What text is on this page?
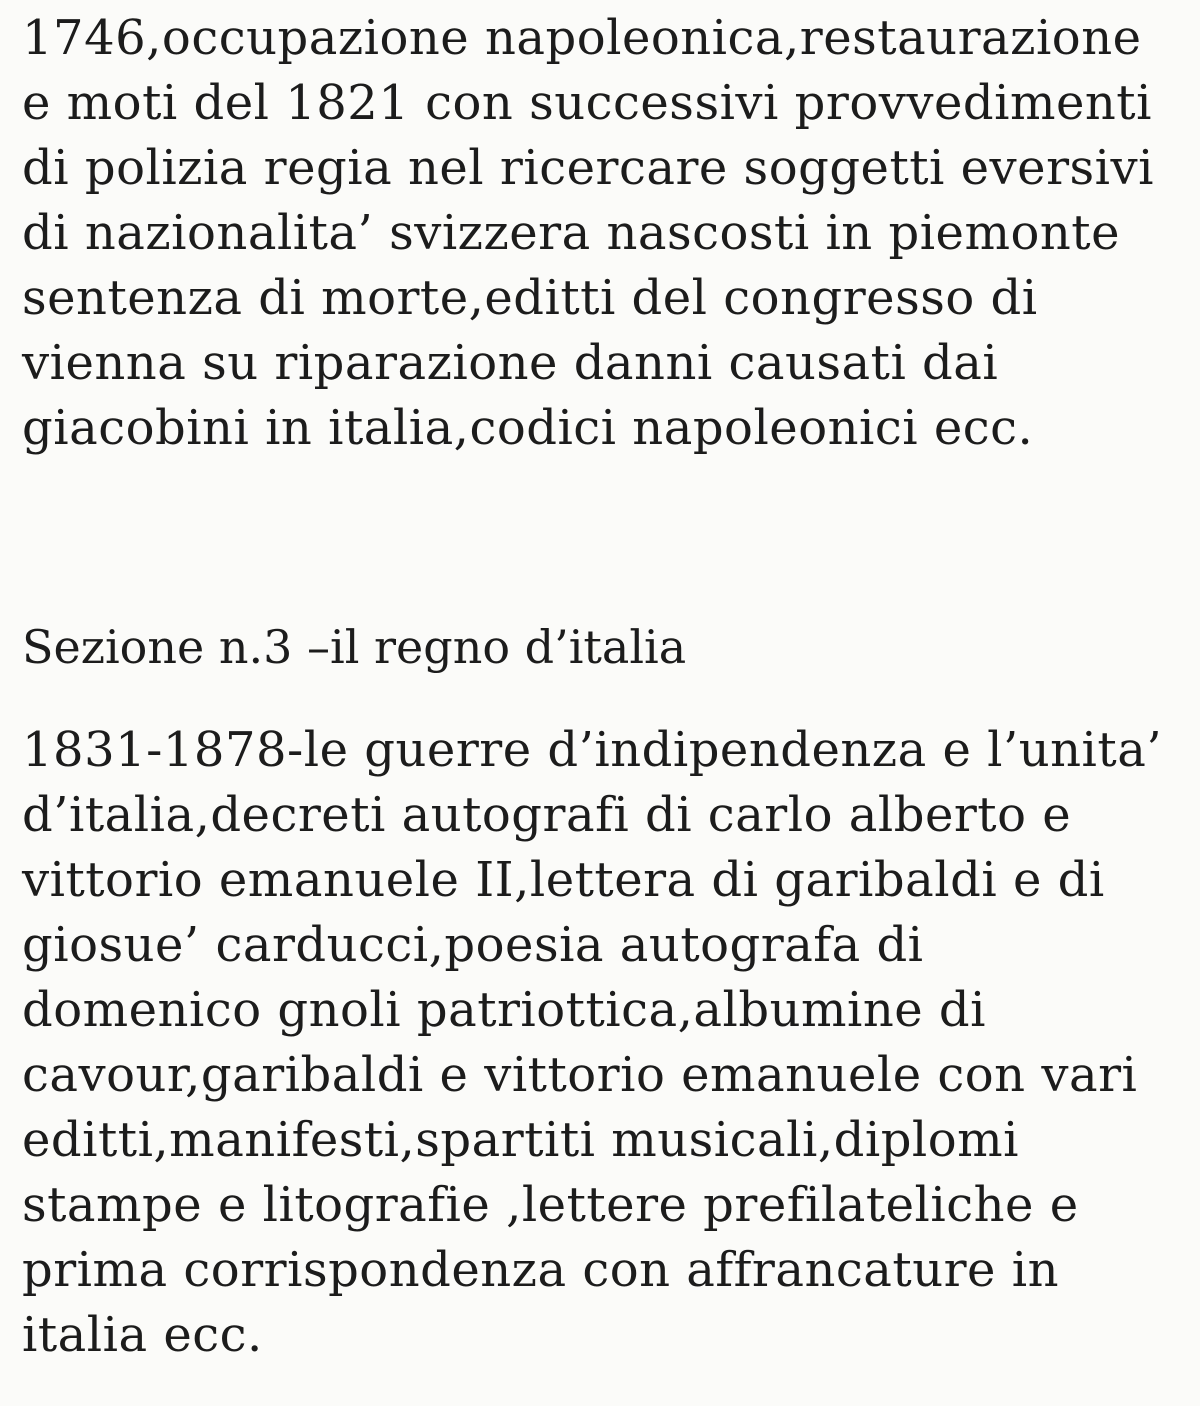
1746,occupazione napoleonica,restaurazione
e moti del 1821 con successivi provvedimenti
di polizia regia nel ricercare soggetti eversivi
di nazionalita’ svizzera nascosti in piemonte
sentenza di morte,editti del congresso di
vienna su riparazione danni causati dai
giacobini in italia,codici napoleonici ecc.
Sezione n.3 –il regno d’italia
1831-1878-le guerre d’indipendenza e l’unita’
d’italia,decreti autografi di carlo alberto e
vittorio emanuele II,lettera di garibaldi e di
giosue’ carducci,poesia autografa di
domenico gnoli patriottica,albumine di
cavour,garibaldi e vittorio emanuele con vari
editti,manifesti,spartiti musicali,diplomi
stampe e litografie ,lettere prefilateliche e
prima corrispondenza con affrancature in
italia ecc.
